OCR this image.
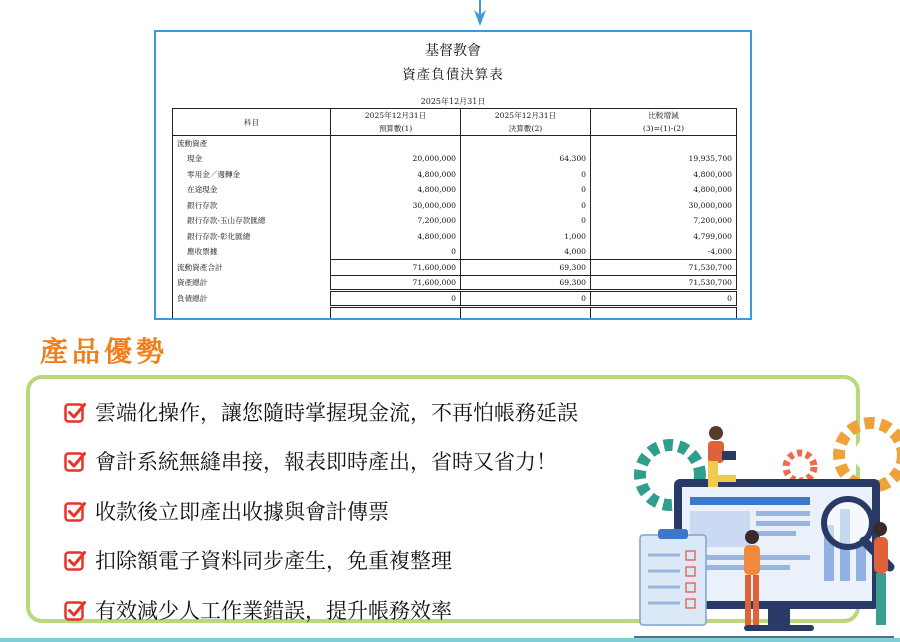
基督教會
資產負債決算表
2025年12月31日
科目	2025年12月31日	2025年12月31日	比較增減
	預算數(1)	決算數(2)	(3)=(1)-(2)
流動資產			
現金	20,000,000	64,300	19,935,700
零用金／週轉金	4,800,000	0	4,800,000
在途現金	4,800,000	0	4,800,000
銀行存款	30,000,000	0	30,000,000
銀行存款-玉山存款匯總	7,200,000	0	7,200,000
銀行存款-彰化匯總	4,800,000	1,000	4,799,000
應收票據	0	4,000	-4,000
流動資產合計	71,600,000	69,300	71,530,700
資產總計	71,600,000	69,300	71,530,700
負債總計	0	0	0

產品優勢
雲端化操作，讓您隨時掌握現金流，不再怕帳務延誤
會計系統無縫串接，報表即時產出，省時又省力！
收款後立即產出收據與會計傳票
扣除額電子資料同步產生，免重複整理
有效減少人工作業錯誤，提升帳務效率
